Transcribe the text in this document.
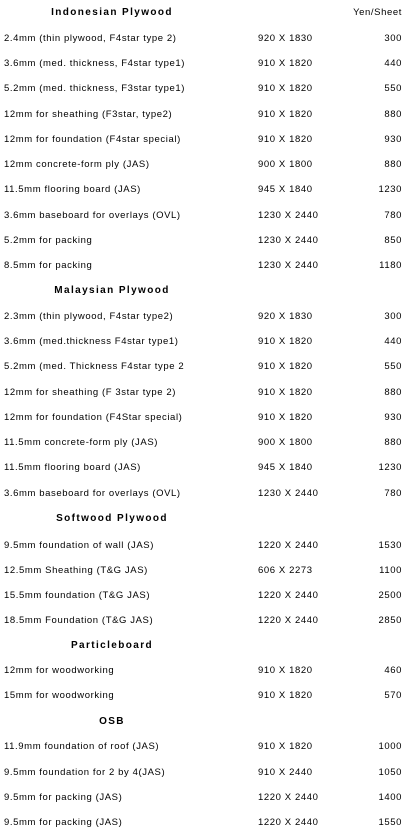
Indonesian Plywood	Yen/Sheet
2.4mm (thin plywood, F4star type 2)	920 X 1830	300
3.6mm (med. thickness, F4star type1)	910 X 1820	440
5.2mm (med. thickness, F3star type1)	910 X 1820	550
12mm for sheathing (F3star, type2)	910 X 1820	880
12mm for foundation (F4star special)	910 X 1820	930
12mm concrete-form ply (JAS)	900 X 1800	880
11.5mm flooring board (JAS)	945 X 1840	1230
3.6mm baseboard for overlays (OVL)	1230 X 2440	780
5.2mm for packing	1230 X 2440	850
8.5mm for packing	1230 X 2440	1180
Malaysian Plywood
2.3mm (thin plywood, F4star type2)	920 X 1830	300
3.6mm (med.thickness F4star type1)	910 X 1820	440
5.2mm (med. Thickness F4star type 2	910 X 1820	550
12mm for sheathing (F 3star type 2)	910 X 1820	880
12mm for foundation (F4Star special)	910 X 1820	930
11.5mm concrete-form ply (JAS)	900 X 1800	880
11.5mm flooring board (JAS)	945 X 1840	1230
3.6mm baseboard for overlays (OVL)	1230 X 2440	780
Softwood Plywood
9.5mm foundation of wall (JAS)	1220 X 2440	1530
12.5mm Sheathing (T&G JAS)	606 X 2273	1100
15.5mm foundation (T&G JAS)	1220 X 2440	2500
18.5mm Foundation (T&G JAS)	1220 X 2440	2850
Particleboard
12mm for woodworking	910 X 1820	460
15mm for woodworking	910 X 1820	570
OSB
11.9mm foundation of roof (JAS)	910 X 1820	1000
9.5mm foundation for 2 by 4(JAS)	910 X 2440	1050
9.5mm for packing (JAS)	1220 X 2440	1400
9.5mm for packing (JAS)	1220 X 2440	1550
